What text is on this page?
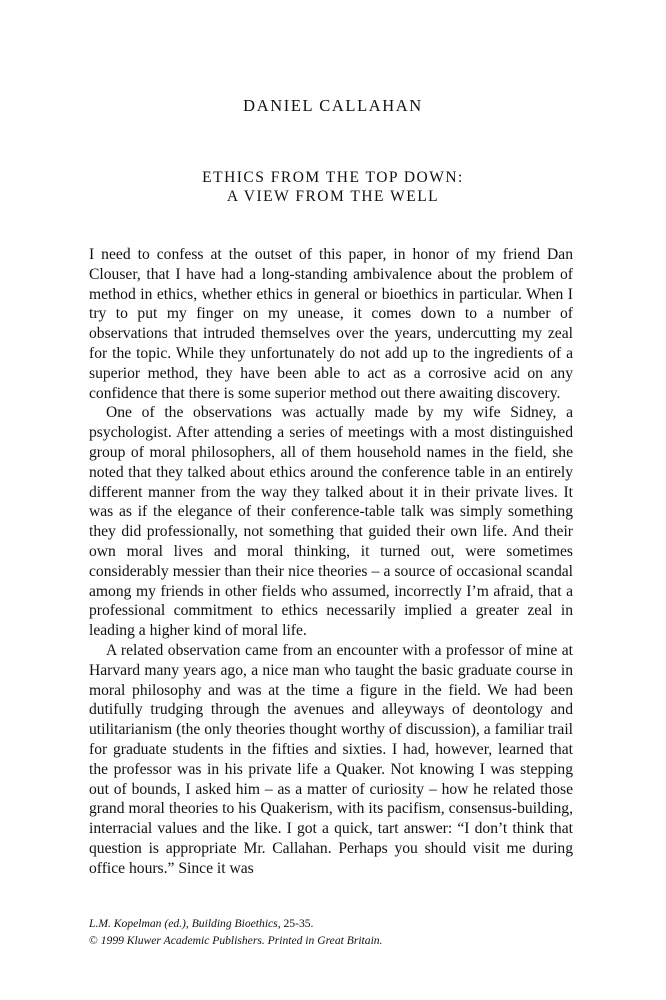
DANIEL CALLAHAN
ETHICS FROM THE TOP DOWN:
A VIEW FROM THE WELL

I need to confess at the outset of this paper, in honor of my friend Dan Clouser, that I have had a long-standing ambivalence about the problem of method in ethics, whether ethics in general or bioethics in particular. When I try to put my finger on my unease, it comes down to a number of observations that intruded themselves over the years, undercutting my zeal for the topic. While they unfortunately do not add up to the ingredients of a superior method, they have been able to act as a corrosive acid on any confidence that there is some superior method out there awaiting discovery.

One of the observations was actually made by my wife Sidney, a psychologist. After attending a series of meetings with a most distinguished group of moral philosophers, all of them household names in the field, she noted that they talked about ethics around the conference table in an entirely different manner from the way they talked about it in their private lives. It was as if the elegance of their conference-table talk was simply something they did professionally, not something that guided their own life. And their own moral lives and moral thinking, it turned out, were sometimes considerably messier than their nice theories – a source of occasional scandal among my friends in other fields who assumed, incorrectly I’m afraid, that a professional commitment to ethics necessarily implied a greater zeal in leading a higher kind of moral life.

A related observation came from an encounter with a professor of mine at Harvard many years ago, a nice man who taught the basic graduate course in moral philosophy and was at the time a figure in the field. We had been dutifully trudging through the avenues and alleyways of deontology and utilitarianism (the only theories thought worthy of discussion), a familiar trail for graduate students in the fifties and sixties. I had, however, learned that the professor was in his private life a Quaker. Not knowing I was stepping out of bounds, I asked him – as a matter of curiosity – how he related those grand moral theories to his Quakerism, with its pacifism, consensus-building, interracial values and the like. I got a quick, tart answer: “I don’t think that question is appropriate Mr. Callahan. Perhaps you should visit me during office hours.” Since it was

L.M. Kopelman (ed.), Building Bioethics, 25-35.
© 1999 Kluwer Academic Publishers. Printed in Great Britain.
